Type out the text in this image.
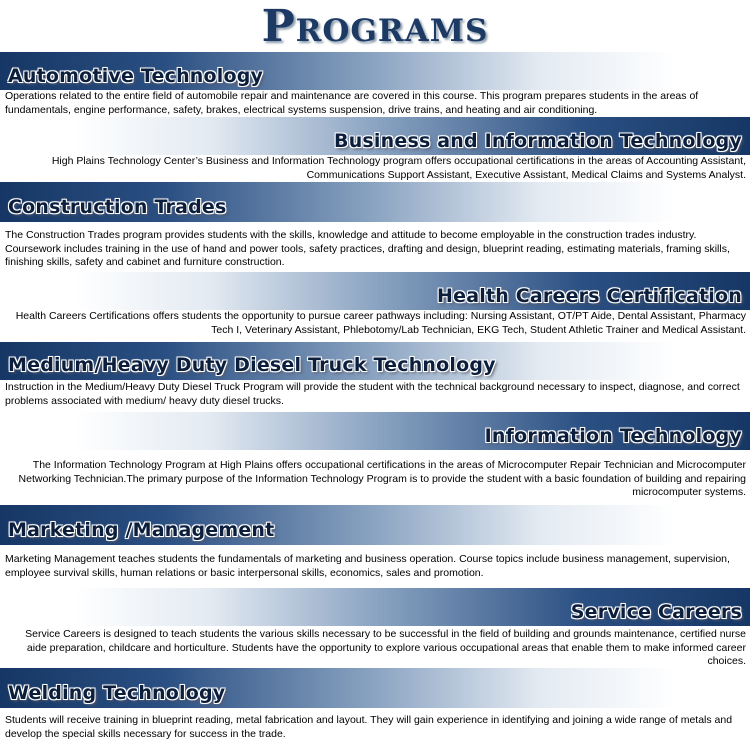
Programs
Automotive Technology

Operations related to the entire field of automobile repair and maintenance are covered in this course. This program prepares students in the areas of fundamentals, engine performance, safety, brakes, electrical systems suspension, drive trains, and heating and air conditioning.

Business and Information Technology

High Plains Technology Center’s Business and Information Technology program offers occupational certifications in the areas of Accounting Assistant, Communications Support Assistant, Executive Assistant, Medical Claims and Systems Analyst.

Construction Trades

The Construction Trades program provides students with the skills, knowledge and attitude to become employable in the construction trades industry. Coursework includes training in the use of hand and power tools, safety practices, drafting and design, blueprint reading, estimating materials, framing skills, finishing skills, safety and cabinet and furniture construction.

Health Careers Certification

Health Careers Certifications offers students the opportunity to pursue career pathways including: Nursing Assistant, OT/PT Aide, Dental Assistant, Pharmacy Tech I, Veterinary Assistant, Phlebotomy/Lab Technician, EKG Tech, Student Athletic Trainer and Medical Assistant.

Medium/Heavy Duty Diesel Truck Technology

Instruction in the Medium/Heavy Duty Diesel Truck Program will provide the student with the technical background necessary to inspect, diagnose, and correct problems associated with medium/ heavy duty diesel trucks.

Information Technology

The Information Technology Program at High Plains offers occupational certifications in the areas of Microcomputer Repair Technician and Microcomputer Networking Technician.The primary purpose of the Information Technology Program is to provide the student with a basic foundation of building and repairing microcomputer systems.

Marketing /Management

Marketing Management teaches students the fundamentals of marketing and business operation. Course topics include business management, supervision, employee survival skills, human relations or basic interpersonal skills, economics, sales and promotion.

Service Careers

Service Careers is designed to teach students the various skills necessary to be successful in the field of building and grounds maintenance, certified nurse aide preparation, childcare and horticulture. Students have the opportunity to explore various occupational areas that enable them to make informed career choices.

Welding Technology

Students will receive training in blueprint reading, metal fabrication and layout. They will gain experience in identifying and joining a wide range of metals and develop the special skills necessary for success in the trade.
